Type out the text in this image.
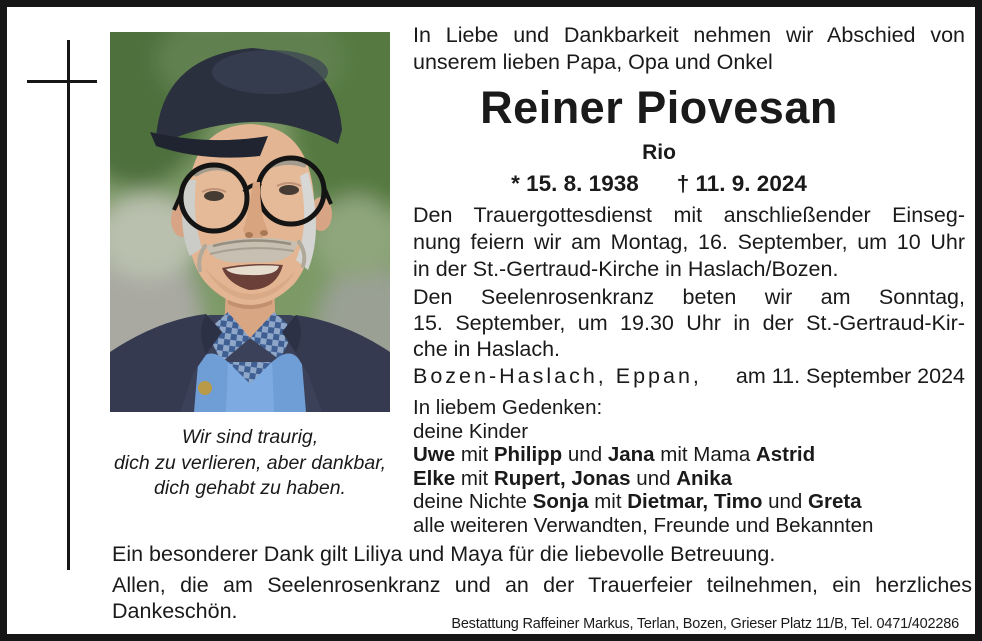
Wir sind traurig,
dich zu verlieren, aber dankbar,
dich gehabt zu haben.

In Liebe und Dankbarkeit nehmen wir Abschied von
unserem lieben Papa, Opa und Onkel

Reiner Piovesan
Rio
* 15. 8. 1938 † 11. 9. 2024

Den Trauergottesdienst mit anschließender Einseg-
nung feiern wir am Montag, 16. September, um 10 Uhr
in der St.-Gertraud-Kirche in Haslach/Bozen.

Den Seelenrosenkranz beten wir am Sonntag,
15. September, um 19.30 Uhr in der St.-Gertraud-Kir-
che in Haslach.

Bozen-Haslach, Eppan, am 11. September 2024
In liebem Gedenken:
deine Kinder
Uwe mit Philipp und Jana mit Mama Astrid
Elke mit Rupert, Jonas und Anika
deine Nichte Sonja mit Dietmar, Timo und Greta
alle weiteren Verwandten, Freunde und Bekannten

Ein besonderer Dank gilt Liliya und Maya für die liebevolle Betreuung.

Allen, die am Seelenrosenkranz und an der Trauerfeier teilnehmen, ein herzliches
Dankeschön.

Bestattung Raffeiner Markus, Terlan, Bozen, Grieser Platz 11/B, Tel. 0471/402286
